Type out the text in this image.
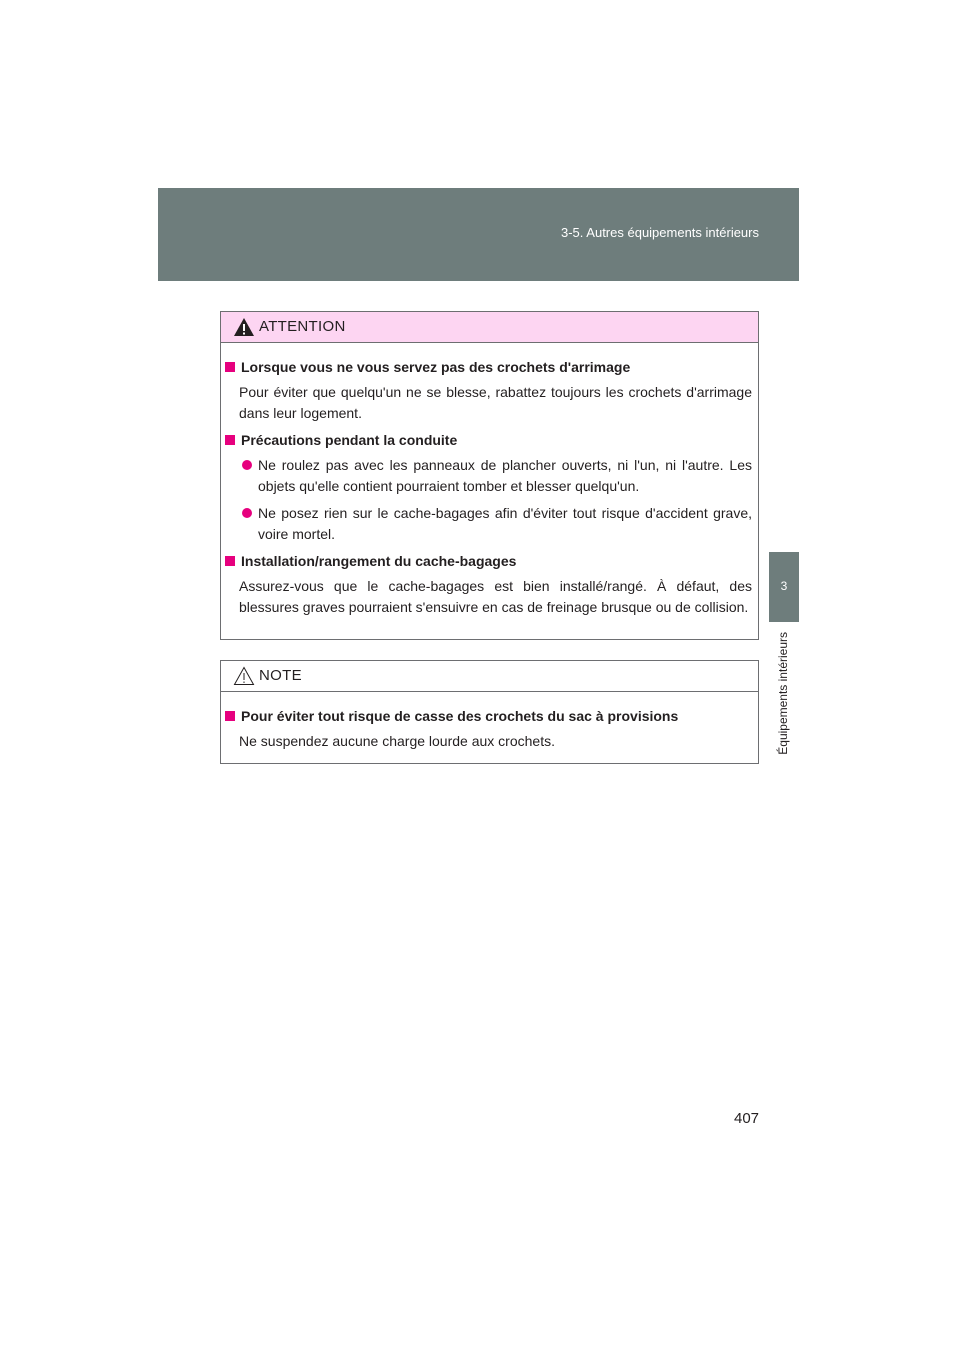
3-5. Autres équipements intérieurs
3
Équipements intérieurs
ATTENTION
Lorsque vous ne vous servez pas des crochets d'arrimage
Pour éviter que quelqu'un ne se blesse, rabattez toujours les crochets d'arrimage dans leur logement.
Précautions pendant la conduite
Ne roulez pas avec les panneaux de plancher ouverts, ni l'un, ni l'autre. Les objets qu'elle contient pourraient tomber et blesser quelqu'un.
Ne posez rien sur le cache-bagages afin d'éviter tout risque d'accident grave, voire mortel.
Installation/rangement du cache-bagages
Assurez-vous que le cache-bagages est bien installé/rangé. À défaut, des blessures graves pourraient s'ensuivre en cas de freinage brusque ou de collision.
NOTE
Pour éviter tout risque de casse des crochets du sac à provisions
Ne suspendez aucune charge lourde aux crochets.
407
